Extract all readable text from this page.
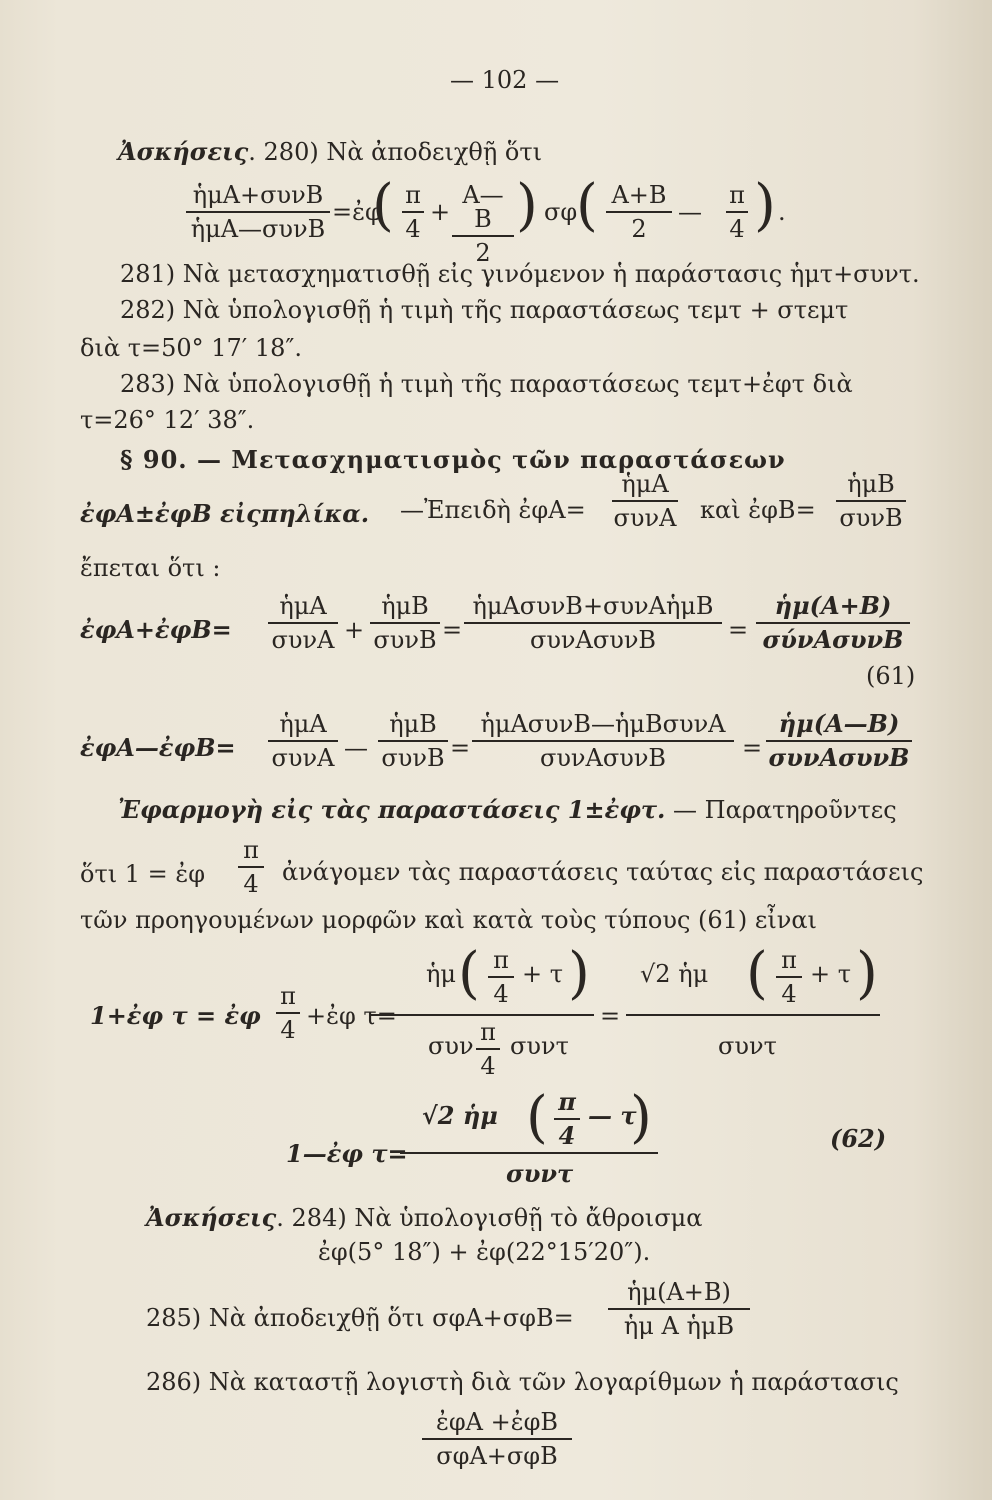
— 102 —
Ἀσκήσεις. 280) Νὰ ἀποδειχθῇ ὅτι
ἡμA+συνB
ἡμA—συνB
=ἐφ
( π
4
+
A—B
2
) σφ
( A+B
2
—
π
4 ) .
281) Νὰ μετασχηματισθῇ εἰς γινόμενον ἡ παράστασις ἡμτ+συντ.
282) Νὰ ὑπολογισθῇ ἡ τιμὴ τῆς παραστάσεως τεμτ + στεμτ
διὰ τ=50° 17′ 18″.
283) Νὰ ὑπολογισθῇ ἡ τιμὴ τῆς παραστάσεως τεμτ+ἐφτ διὰ
τ=26° 12′ 38″.
§ 90. — Μετασχηματισμὸς τῶν παραστάσεων
ἐφA±ἐφB εἰςπηλίκα. —Ἐπειδὴ ἐφA=
ἡμA
συνA καὶ ἐφB=
ἡμB
συνB
ἔπεται ὅτι :
ἐφA+ἐφB=
ἡμA
συνA +
ἡμB
συνB =
ἡμAσυνB+συνAἡμB
συνAσυνB	=
ἡμ(A+B)
σύνAσυνB
(61)
ἐφA—ἐφB=
ἡμA
συνA —
ἡμB
συνB =
ἡμAσυνB—ἡμBσυνA
συνAσυνB	=
ἡμ(A—B)
συνAσυνB
Ἐφαρμογὴ εἰς τὰς παραστάσεις 1±ἐφτ. — Παρατηροῦντες
ὅτι 1 = ἐφ
π
4 ἀνάγομεν τὰς παραστάσεις ταύτας εἰς παραστάσεις
τῶν προηγουμένων μορφῶν καὶ κατὰ τοὺς τύπους (61) εἶναι
1+ἐφ τ = ἐφ
π
4 +ἐφ τ=
ἡμ ( π
4
+ τ )
συν π
4
συντ
=
√2 ἡμ ( π
4
+ τ )
συντ
1—ἐφ τ=
√2 ἡμ ( π
4
— τ
)
συντ
(62)
Ἀσκήσεις. 284) Νὰ ὑπολογισθῇ τὸ ἄθροισμα
ἐφ(5° 18″) + ἐφ(22°15′20″).
285) Νὰ ἀποδειχθῇ ὅτι σφA+σφB=
ἡμ(A+B)
ἡμ A ἡμB
286) Νὰ καταστῇ λογιστὴ διὰ τῶν λογαρίθμων ἡ παράστασις
ἐφA +ἐφB
σφA+σφB
